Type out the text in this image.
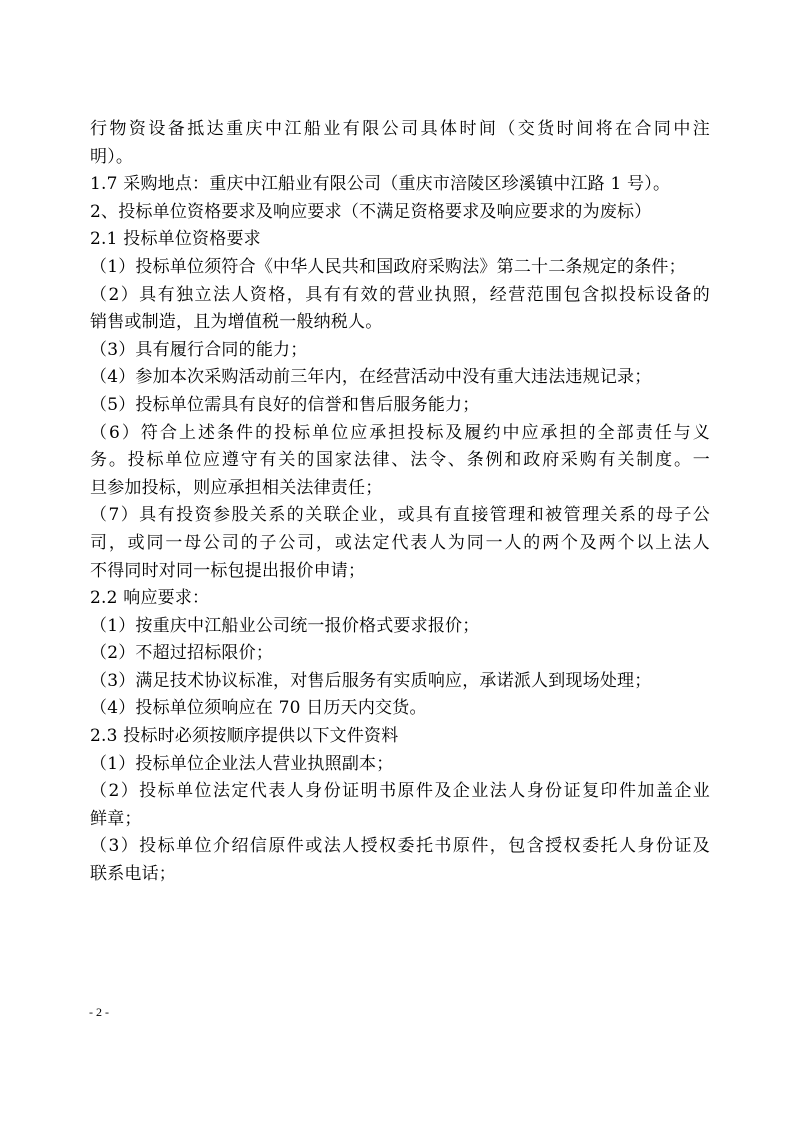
行物资设备抵达重庆中江船业有限公司具体时间（交货时间将在合同中注
明）。
1.7 采购地点：重庆中江船业有限公司（重庆市涪陵区珍溪镇中江路 1 号）。
2、投标单位资格要求及响应要求（不满足资格要求及响应要求的为废标）
2.1 投标单位资格要求
（1）投标单位须符合《中华人民共和国政府采购法》第二十二条规定的条件；
（2）具有独立法人资格，具有有效的营业执照，经营范围包含拟投标设备的
销售或制造，且为增值税一般纳税人。
（3）具有履行合同的能力；
（4）参加本次采购活动前三年内，在经营活动中没有重大违法违规记录；
（5）投标单位需具有良好的信誉和售后服务能力；
（6）符合上述条件的投标单位应承担投标及履约中应承担的全部责任与义
务。投标单位应遵守有关的国家法律、法令、条例和政府采购有关制度。一
旦参加投标，则应承担相关法律责任；
（7）具有投资参股关系的关联企业，或具有直接管理和被管理关系的母子公
司，或同一母公司的子公司，或法定代表人为同一人的两个及两个以上法人
不得同时对同一标包提出报价申请；
2.2 响应要求：
（1）按重庆中江船业公司统一报价格式要求报价；
（2）不超过招标限价；
（3）满足技术协议标准，对售后服务有实质响应，承诺派人到现场处理；
（4）投标单位须响应在 70 日历天内交货。
2.3 投标时必须按顺序提供以下文件资料
（1）投标单位企业法人营业执照副本；
（2）投标单位法定代表人身份证明书原件及企业法人身份证复印件加盖企业
鲜章；
（3）投标单位介绍信原件或法人授权委托书原件，包含授权委托人身份证及
联系电话；
- 2 -
